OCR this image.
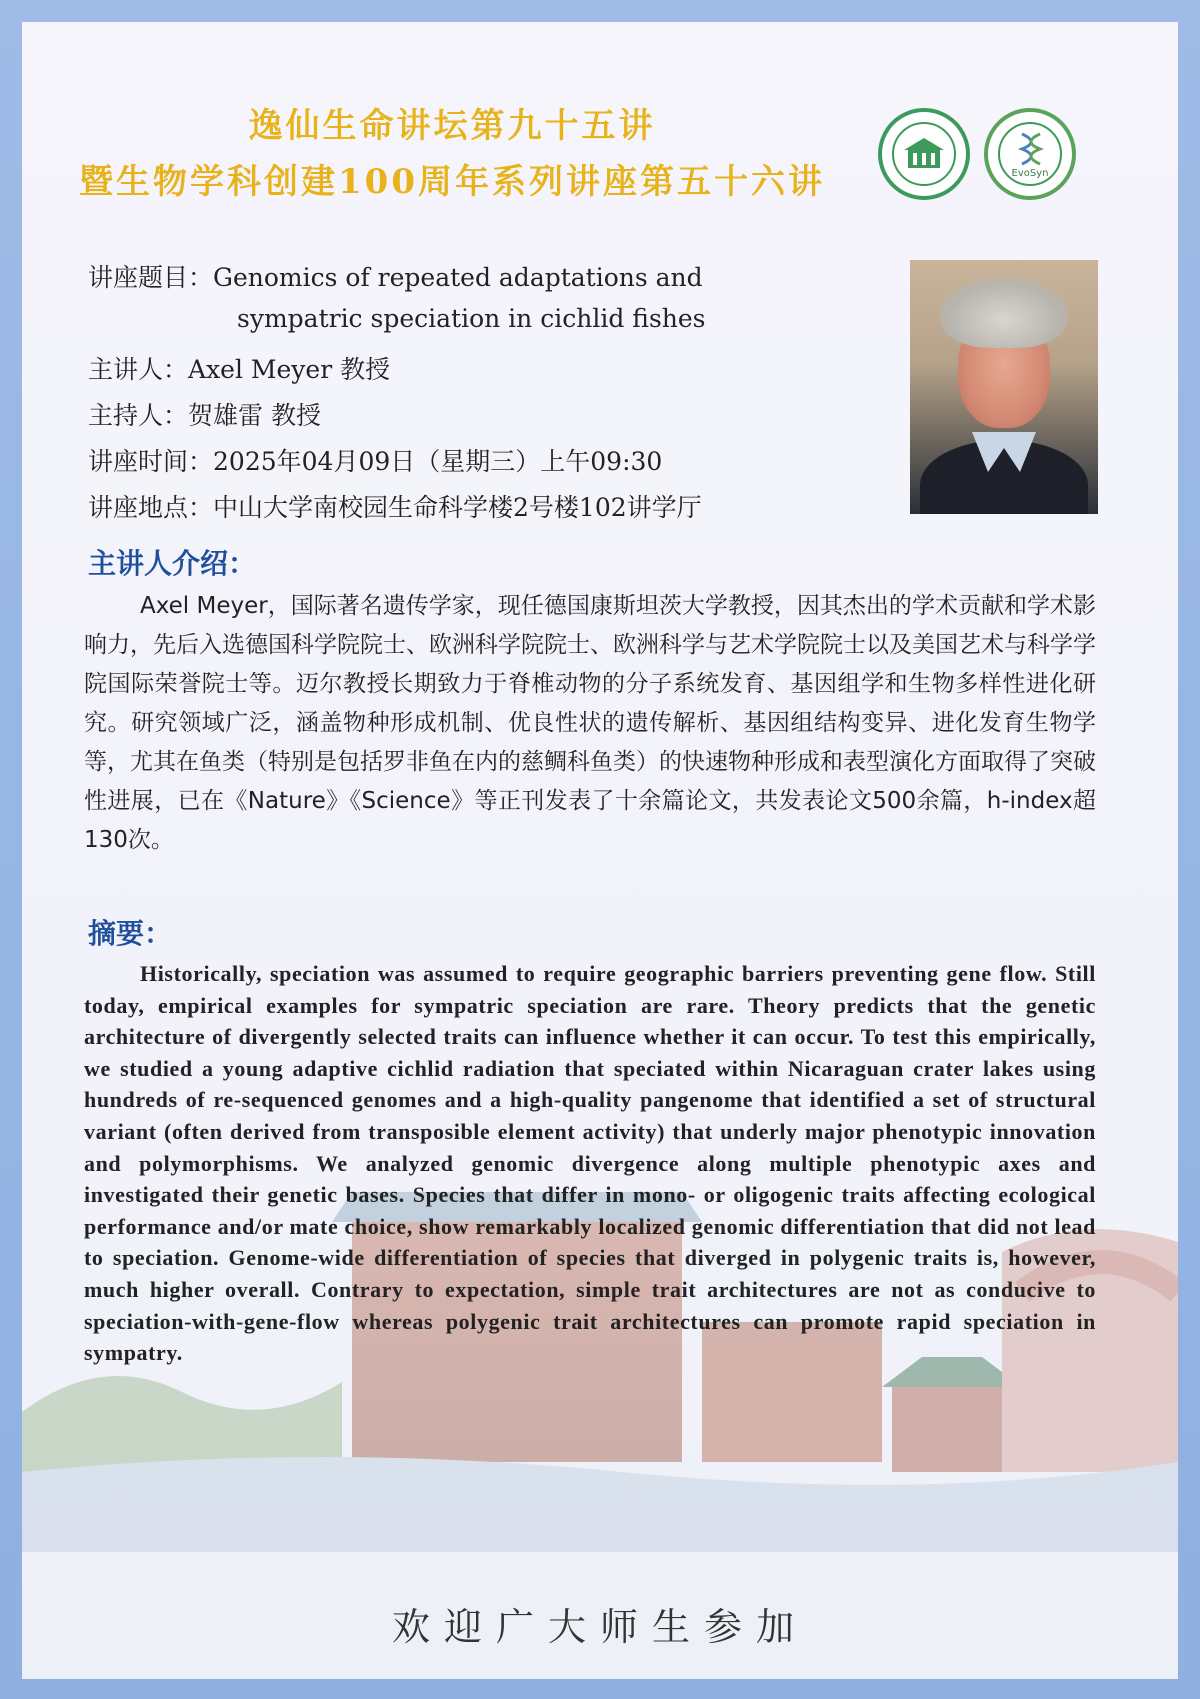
逸仙生命讲坛第九十五讲
暨生物学科创建100周年系列讲座第五十六讲	EvoSyn
讲座题目：Genomics of repeated adaptations and
sympatric speciation in cichlid fishes
主讲人：Axel Meyer 教授
主持人：贺雄雷 教授
讲座时间：2025年04月09日（星期三）上午09:30
讲座地点：中山大学南校园生命科学楼2号楼102讲学厅
主讲人介绍：
Axel Meyer，国际著名遗传学家，现任德国康斯坦茨大学教授，因其杰出的学术贡献和学术影响力，先后入选德国科学院院士、欧洲科学院院士、欧洲科学与艺术学院院士以及美国艺术与科学学院国际荣誉院士等。迈尔教授长期致力于脊椎动物的分子系统发育、基因组学和生物多样性进化研究。研究领域广泛，涵盖物种形成机制、优良性状的遗传解析、基因组结构变异、进化发育生物学等，尤其在鱼类（特别是包括罗非鱼在内的慈鲷科鱼类）的快速物种形成和表型演化方面取得了突破性进展，已在《Nature》《Science》等正刊发表了十余篇论文，共发表论文500余篇，h-index超130次。
摘要：
Historically, speciation was assumed to require geographic barriers preventing gene flow. Still today, empirical examples for sympatric speciation are rare. Theory predicts that the genetic architecture of divergently selected traits can influence whether it can occur. To test this empirically, we studied a young adaptive cichlid radiation that speciated within Nicaraguan crater lakes using hundreds of re-sequenced genomes and a high-quality pangenome that identified a set of structural variant (often derived from transposible element activity) that underly major phenotypic innovation and polymorphisms. We analyzed genomic divergence along multiple phenotypic axes and investigated their genetic bases. Species that differ in mono- or oligogenic traits affecting ecological performance and/or mate choice, show remarkably localized genomic differentiation that did not lead to speciation. Genome-wide differentiation of species that diverged in polygenic traits is, however, much higher overall. Contrary to expectation, simple trait architectures are not as conducive to speciation-with-gene-flow whereas polygenic trait architectures can promote rapid speciation in sympatry.
欢迎广大师生参加
